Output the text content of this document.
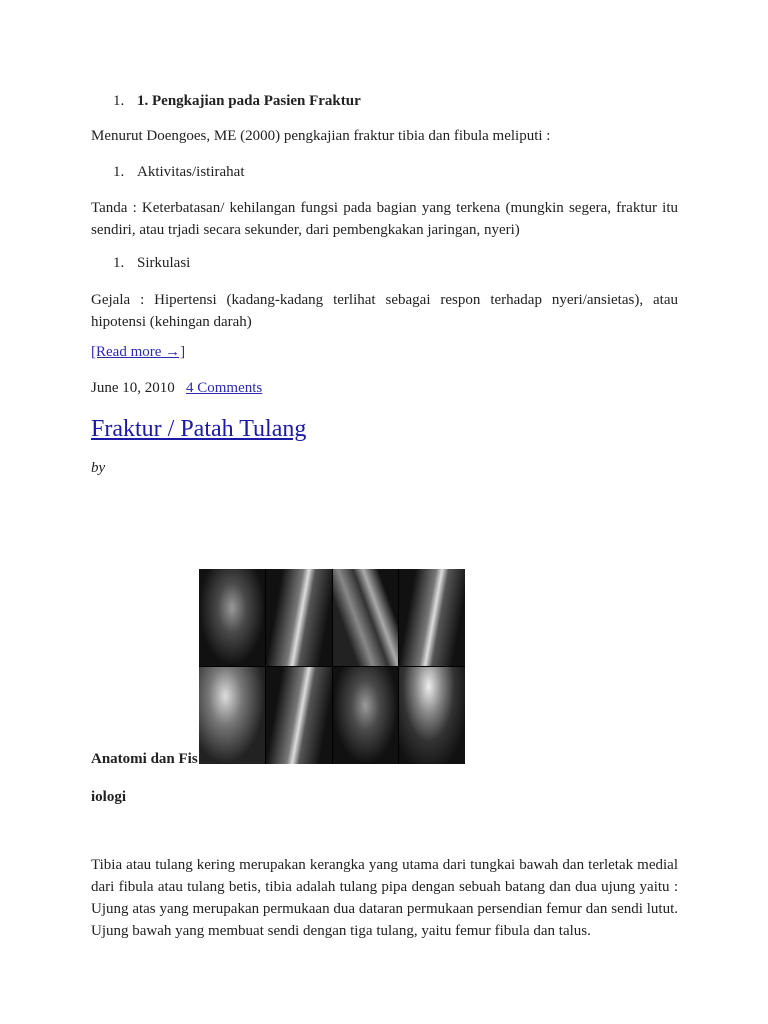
1. 1. Pengkajian pada Pasien Fraktur
Menurut Doengoes, ME (2000) pengkajian fraktur tibia dan fibula meliputi :
1. Aktivitas/istirahat
Tanda : Keterbatasan/ kehilangan fungsi pada bagian yang terkena (mungkin segera, fraktur itu sendiri, atau trjadi secara sekunder, dari pembengkakan jaringan, nyeri)
1. Sirkulasi
Gejala : Hipertensi (kadang-kadang terlihat sebagai respon terhadap nyeri/ansietas), atau hipotensi (kehingan darah)
[Read more →]
June 10, 2010 4 Comments
Fraktur / Patah Tulang
by
Anatomi dan Fis
iologi
Tibia atau tulang kering merupakan kerangka yang utama dari tungkai bawah dan terletak medial dari fibula atau tulang betis, tibia adalah tulang pipa dengan sebuah batang dan dua ujung yaitu : Ujung atas yang merupakan permukaan dua dataran permukaan persendian femur dan sendi lutut. Ujung bawah yang membuat sendi dengan tiga tulang, yaitu femur fibula dan talus.
